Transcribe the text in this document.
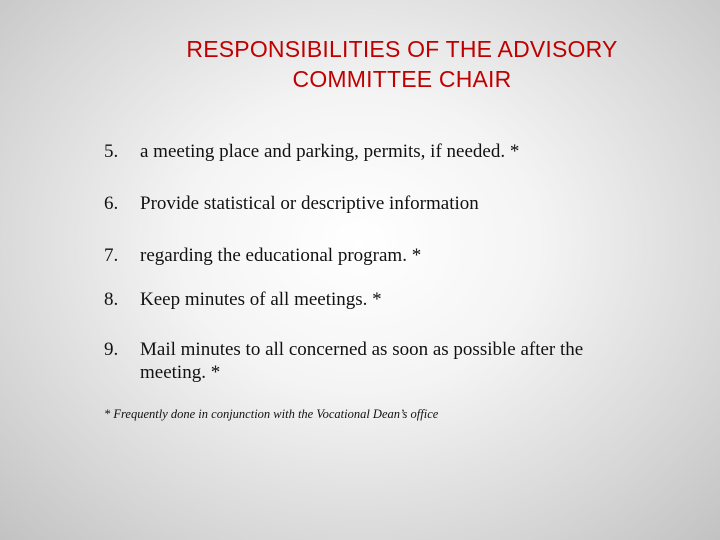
RESPONSIBILITIES OF THE ADVISORY
COMMITTEE CHAIR
5.	a meeting place and parking, permits, if needed. *
6.	Provide statistical or descriptive information
7.	regarding the educational program. *
8.	Keep minutes of all meetings. *
9.	Mail minutes to all concerned as soon as possible after the meeting. *
* Frequently done in conjunction with the Vocational Dean’s office
